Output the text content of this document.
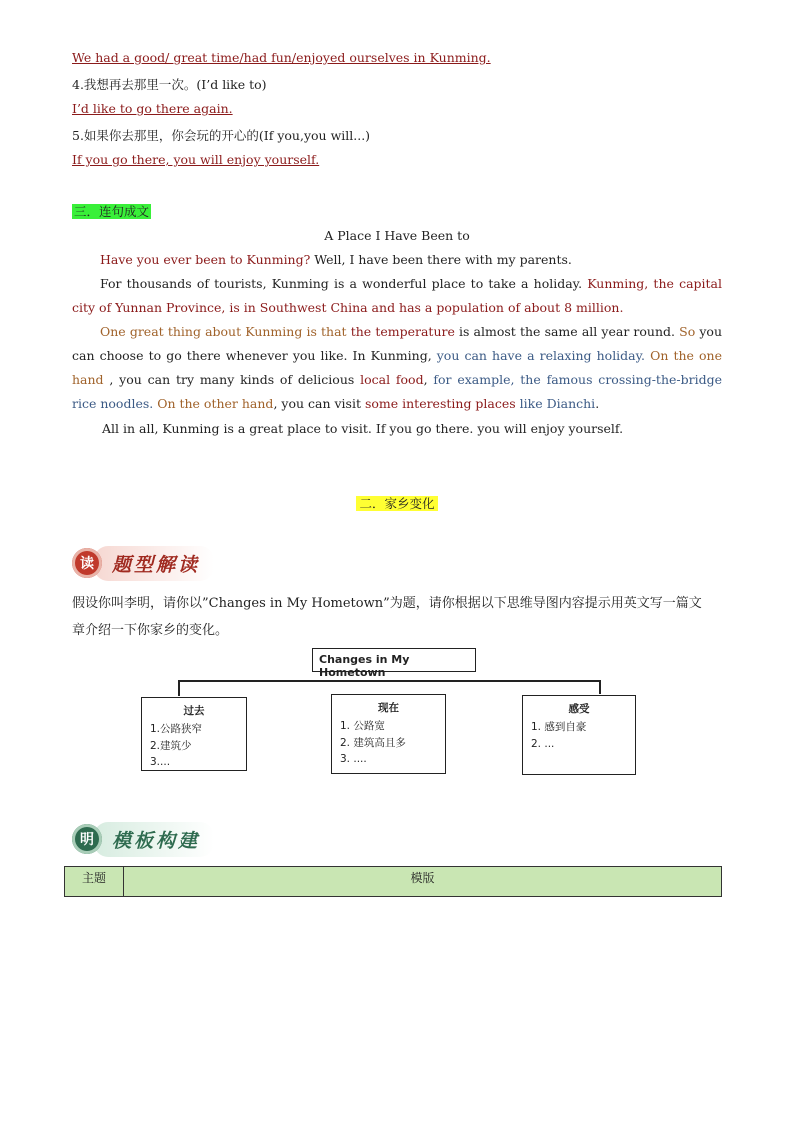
We had a good/ great time/had fun/enjoyed ourselves in Kunming.
4.我想再去那里一次。(I’d like to)
I’d like to go there again.
5.如果你去那里，你会玩的开心的(If you,you will...)
If you go there, you will enjoy yourself.
三．连句成文
A Place I Have Been to
Have you ever been to Kunming? Well, I have been there with my parents.
For thousands of tourists, Kunming is a wonderful place to take a holiday. Kunming, the capital city of Yunnan Province, is in Southwest China and has a population of about 8 million.
One great thing about Kunming is that the temperature is almost the same all year round. So you can choose to go there whenever you like. In Kunming, you can have a relaxing holiday. On the one hand , you can try many kinds of delicious local food, for example, the famous crossing-the-bridge rice noodles. On the other hand, you can visit some interesting places like Dianchi.
All in all, Kunming is a great place to visit. If you go there. you will enjoy yourself.
二．家乡变化
读 题型解读
假设你叫李明，请你以”Changes in My Hometown”为题，请你根据以下思维导图内容提示用英文写一篇文
章介绍一下你家乡的变化。
Changes in My Hometown
过去
1.公路狭窄
2.建筑少
3....
现在
1. 公路宽
2. 建筑高且多
3. ....
感受
1. 感到自豪
2. ...
明 模板构建
主题	模版
